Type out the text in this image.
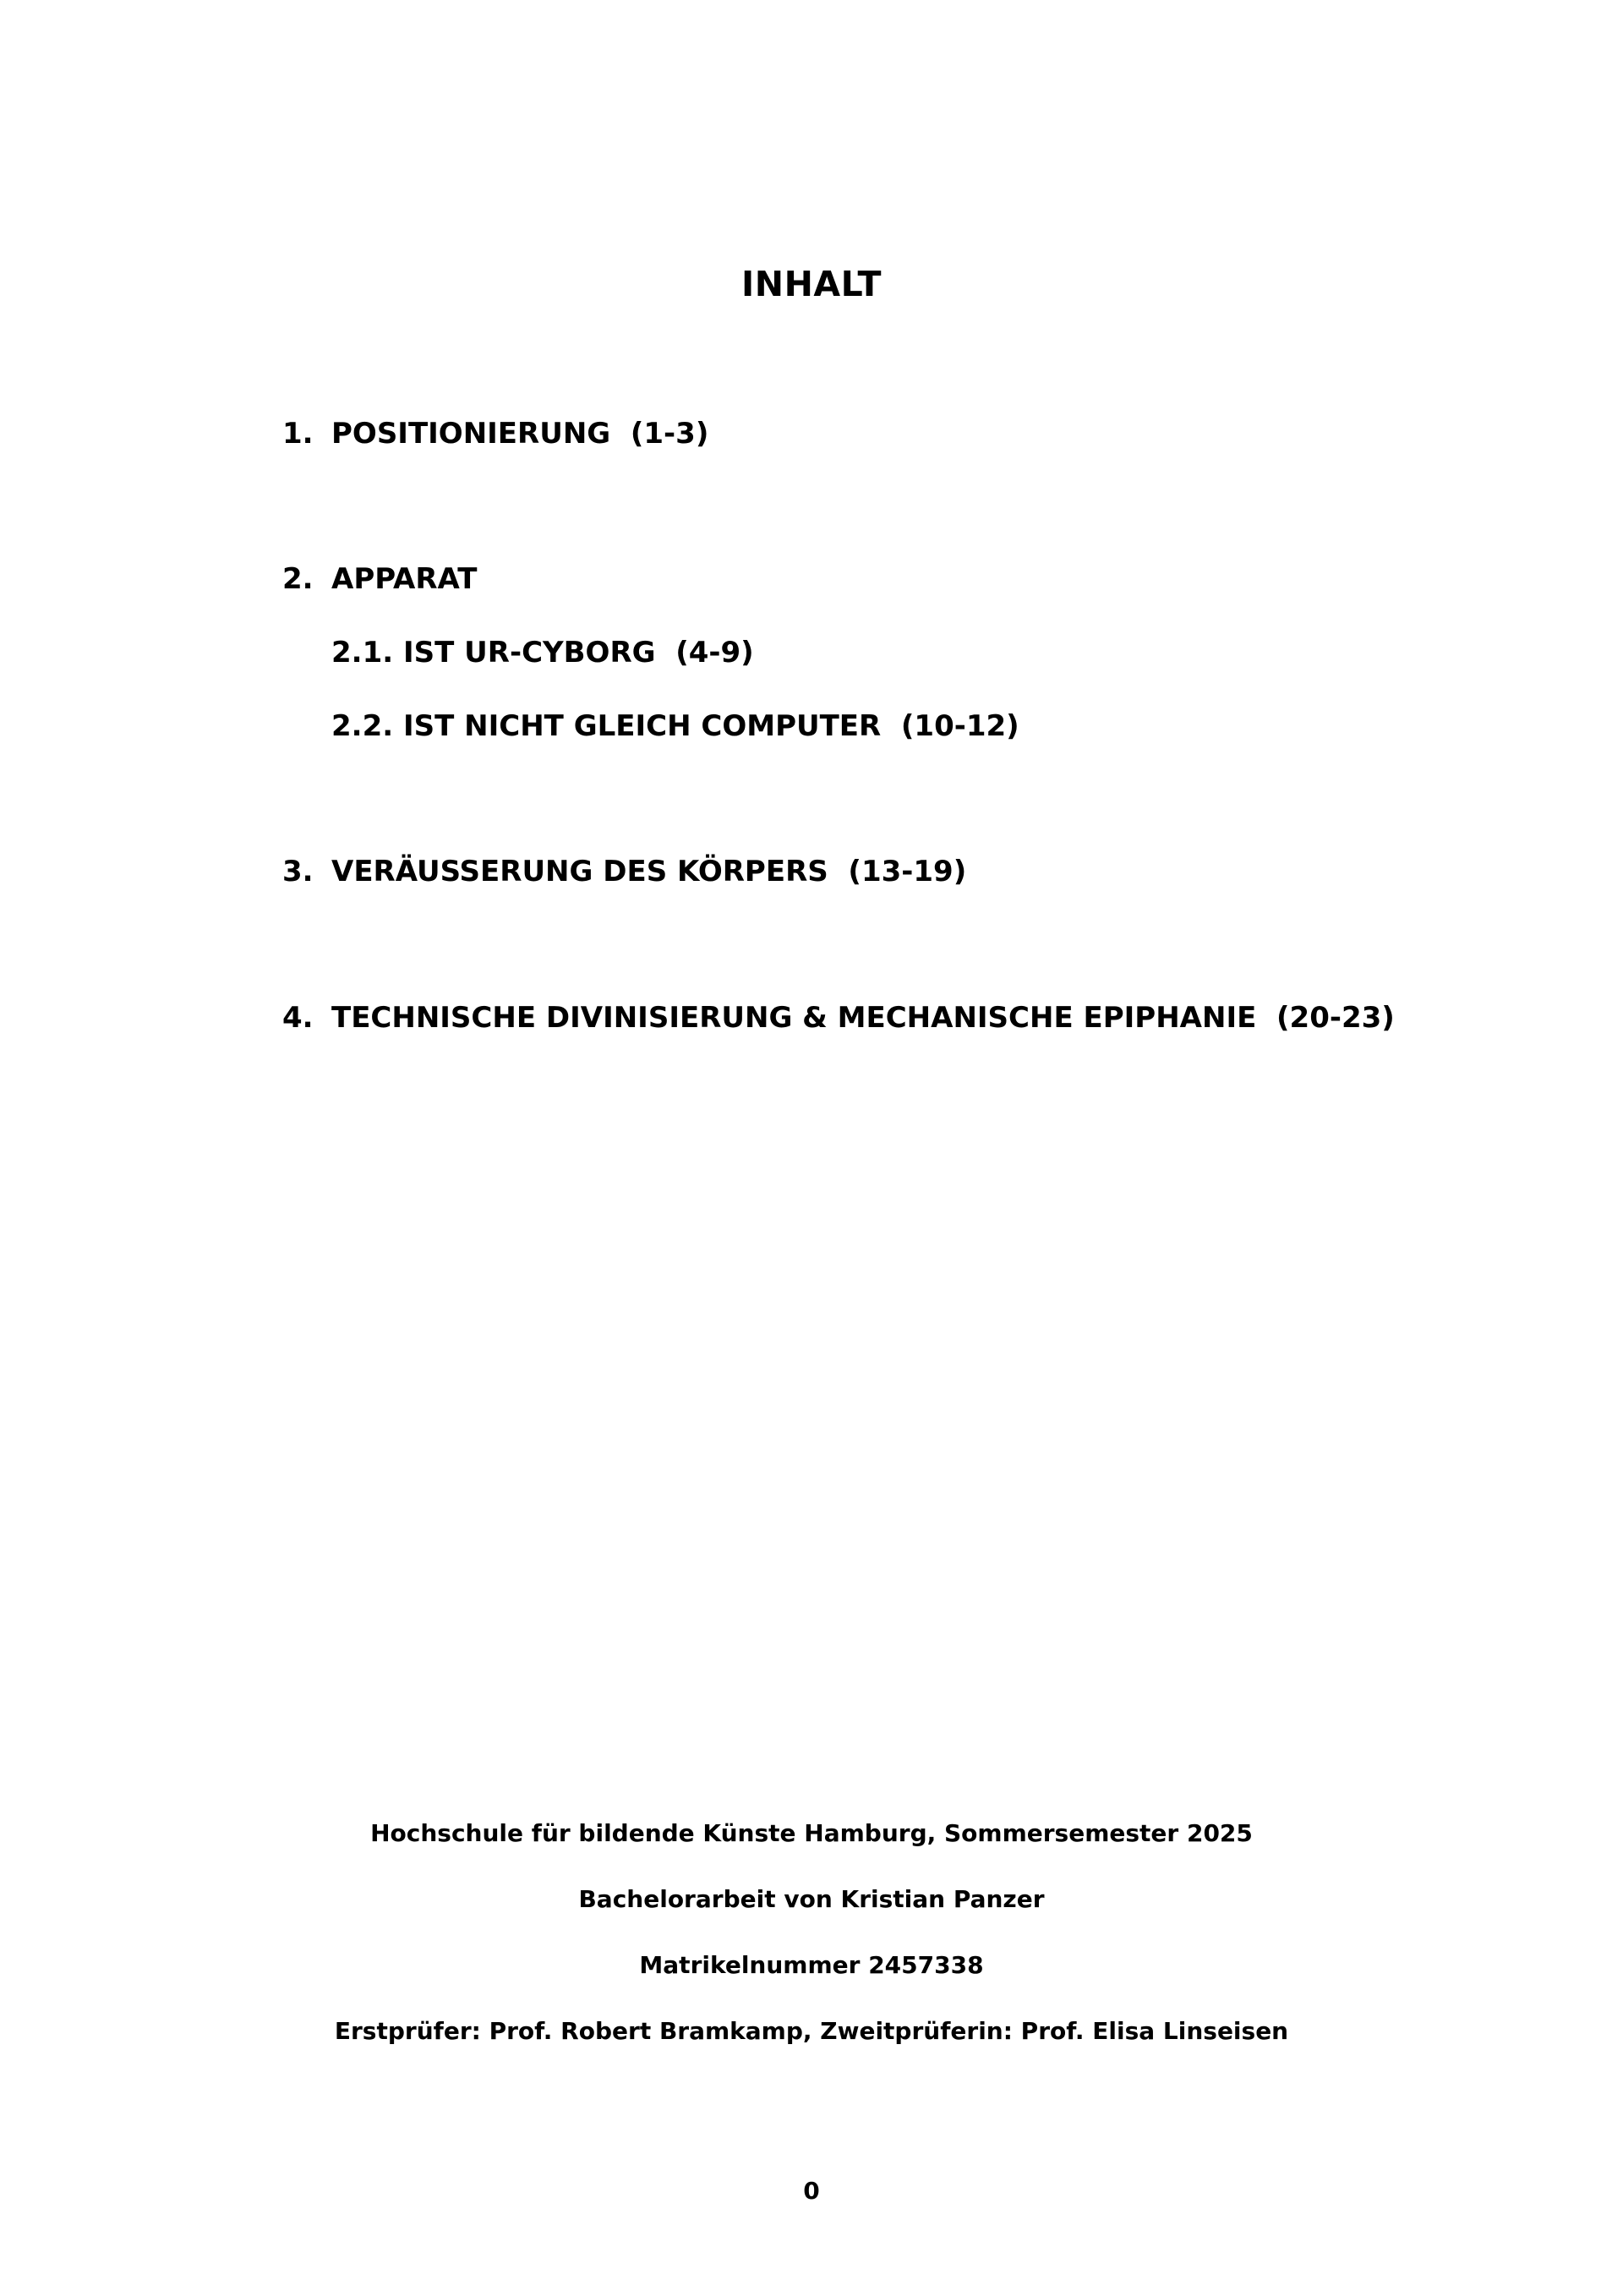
INHALT
1. POSITIONIERUNG  (1-3)
2. APPARAT
2.1. IST UR-CYBORG  (4-9)
2.2. IST NICHT GLEICH COMPUTER  (10-12)
3. VERÄUSSERUNG DES KÖRPERS  (13-19)
4. TECHNISCHE DIVINISIERUNG & MECHANISCHE EPIPHANIE  (20-23)
Hochschule für bildende Künste Hamburg, Sommersemester 2025
Bachelorarbeit von Kristian Panzer
Matrikelnummer 2457338
Erstprüfer: Prof. Robert Bramkamp, Zweitprüferin: Prof. Elisa Linseisen
0
